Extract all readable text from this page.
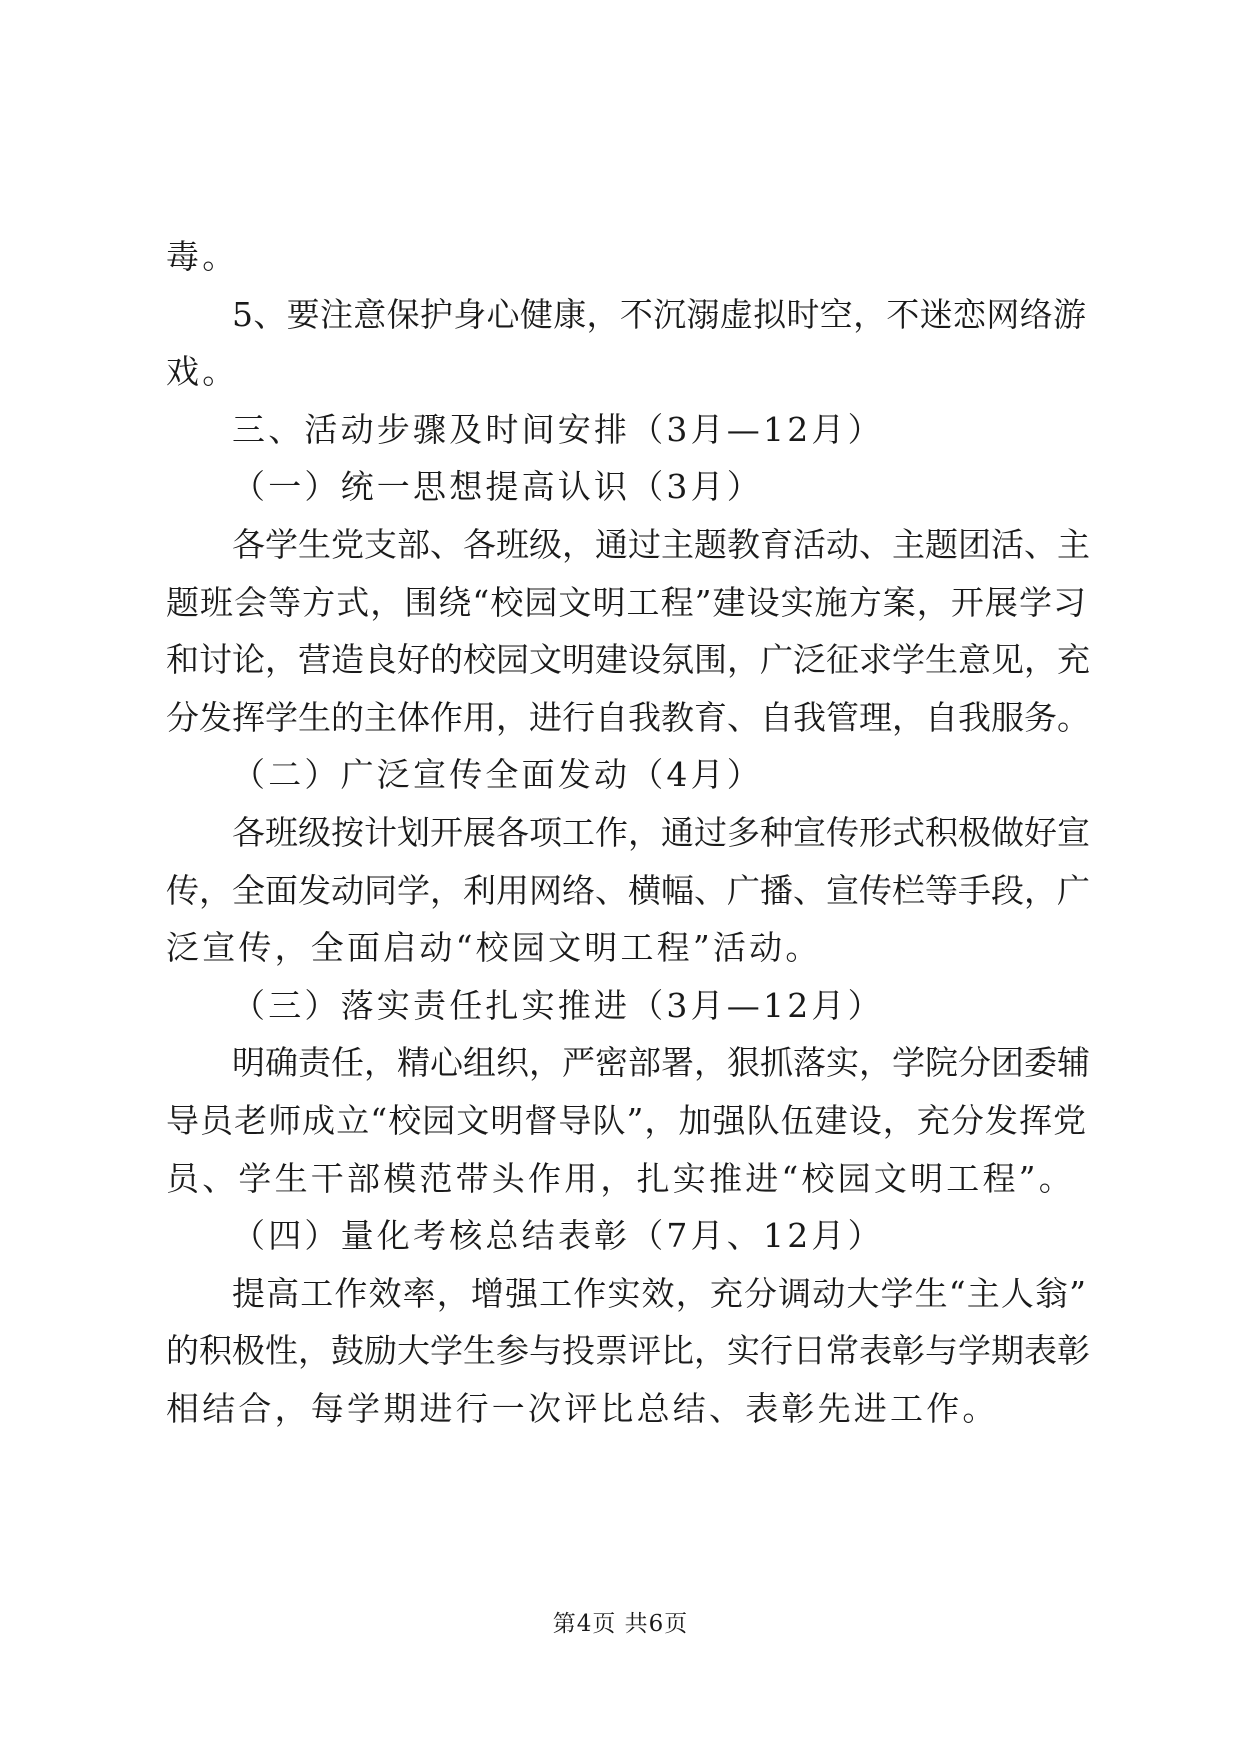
毒。
5、要注意保护身心健康，不沉溺虚拟时空，不迷恋网络游
戏。
三、活动步骤及时间安排（3月—12月）
（一）统一思想提高认识（3月）
各学生党支部、各班级，通过主题教育活动、主题团活、主
题班会等方式，围绕“校园文明工程”建设实施方案，开展学习
和讨论，营造良好的校园文明建设氛围，广泛征求学生意见，充
分发挥学生的主体作用，进行自我教育、自我管理，自我服务。
（二）广泛宣传全面发动（4月）
各班级按计划开展各项工作，通过多种宣传形式积极做好宣
传，全面发动同学，利用网络、横幅、广播、宣传栏等手段，广
泛宣传，全面启动“校园文明工程”活动。
（三）落实责任扎实推进（3月—12月）
明确责任，精心组织，严密部署，狠抓落实，学院分团委辅
导员老师成立“校园文明督导队”，加强队伍建设，充分发挥党
员、学生干部模范带头作用，扎实推进“校园文明工程”。
（四）量化考核总结表彰（7月、12月）
提高工作效率，增强工作实效，充分调动大学生“主人翁”
的积极性，鼓励大学生参与投票评比，实行日常表彰与学期表彰
相结合，每学期进行一次评比总结、表彰先进工作。
第4页 共6页
